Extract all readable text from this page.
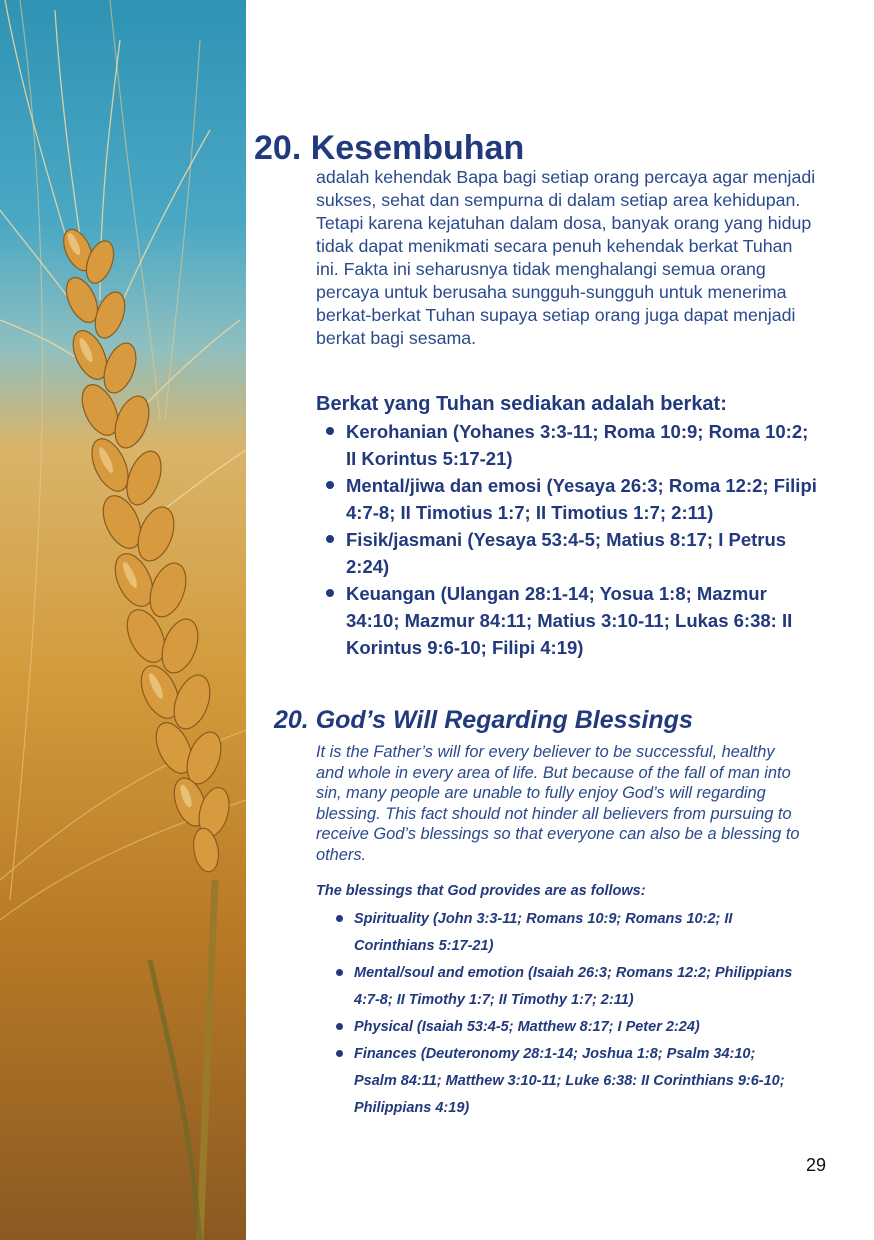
20. Kesembuhan

adalah kehendak Bapa bagi setiap orang percaya agar menjadi sukses, sehat dan sempurna di dalam setiap area kehidupan. Tetapi karena kejatuhan dalam dosa, banyak orang yang hidup tidak dapat menikmati secara penuh kehendak berkat Tuhan ini. Fakta ini seharusnya tidak menghalangi semua orang percaya untuk berusaha sungguh-sungguh untuk menerima berkat-berkat Tuhan supaya setiap orang juga dapat menjadi berkat bagi sesama.

Berkat yang Tuhan sediakan adalah berkat:
Kerohanian (Yohanes 3:3-11; Roma 10:9; Roma 10:2; II Korintus 5:17-21)
Mental/jiwa dan emosi (Yesaya 26:3; Roma 12:2; Filipi 4:7-8; II Timotius 1:7; II Timotius 1:7; 2:11)
Fisik/jasmani (Yesaya 53:4-5; Matius 8:17; I Petrus 2:24)
Keuangan (Ulangan 28:1-14; Yosua 1:8; Mazmur 34:10; Mazmur 84:11; Matius 3:10-11; Lukas 6:38: II Korintus 9:6-10; Filipi 4:19)
20. God’s Will Regarding Blessings

It is the Father’s will for every believer to be successful, healthy and whole in every area of life. But because of the fall of man into sin, many people are unable to fully enjoy God’s will regarding blessing. This fact should not hinder all believers from pursuing to receive God’s blessings so that everyone can also be a blessing to others.

The blessings that God provides are as follows:
Spirituality (John 3:3-11; Romans 10:9; Romans 10:2; II Corinthians 5:17-21)
Mental/soul and emotion (Isaiah 26:3; Romans 12:2; Philippians 4:7-8; II Timothy 1:7; II Timothy 1:7; 2:11)
Physical (Isaiah 53:4-5; Matthew 8:17; I Peter 2:24)
Finances (Deuteronomy 28:1-14; Joshua 1:8; Psalm 34:10; Psalm 84:11; Matthew 3:10-11; Luke 6:38: II Corinthians 9:6-10; Philippians 4:19)

29
